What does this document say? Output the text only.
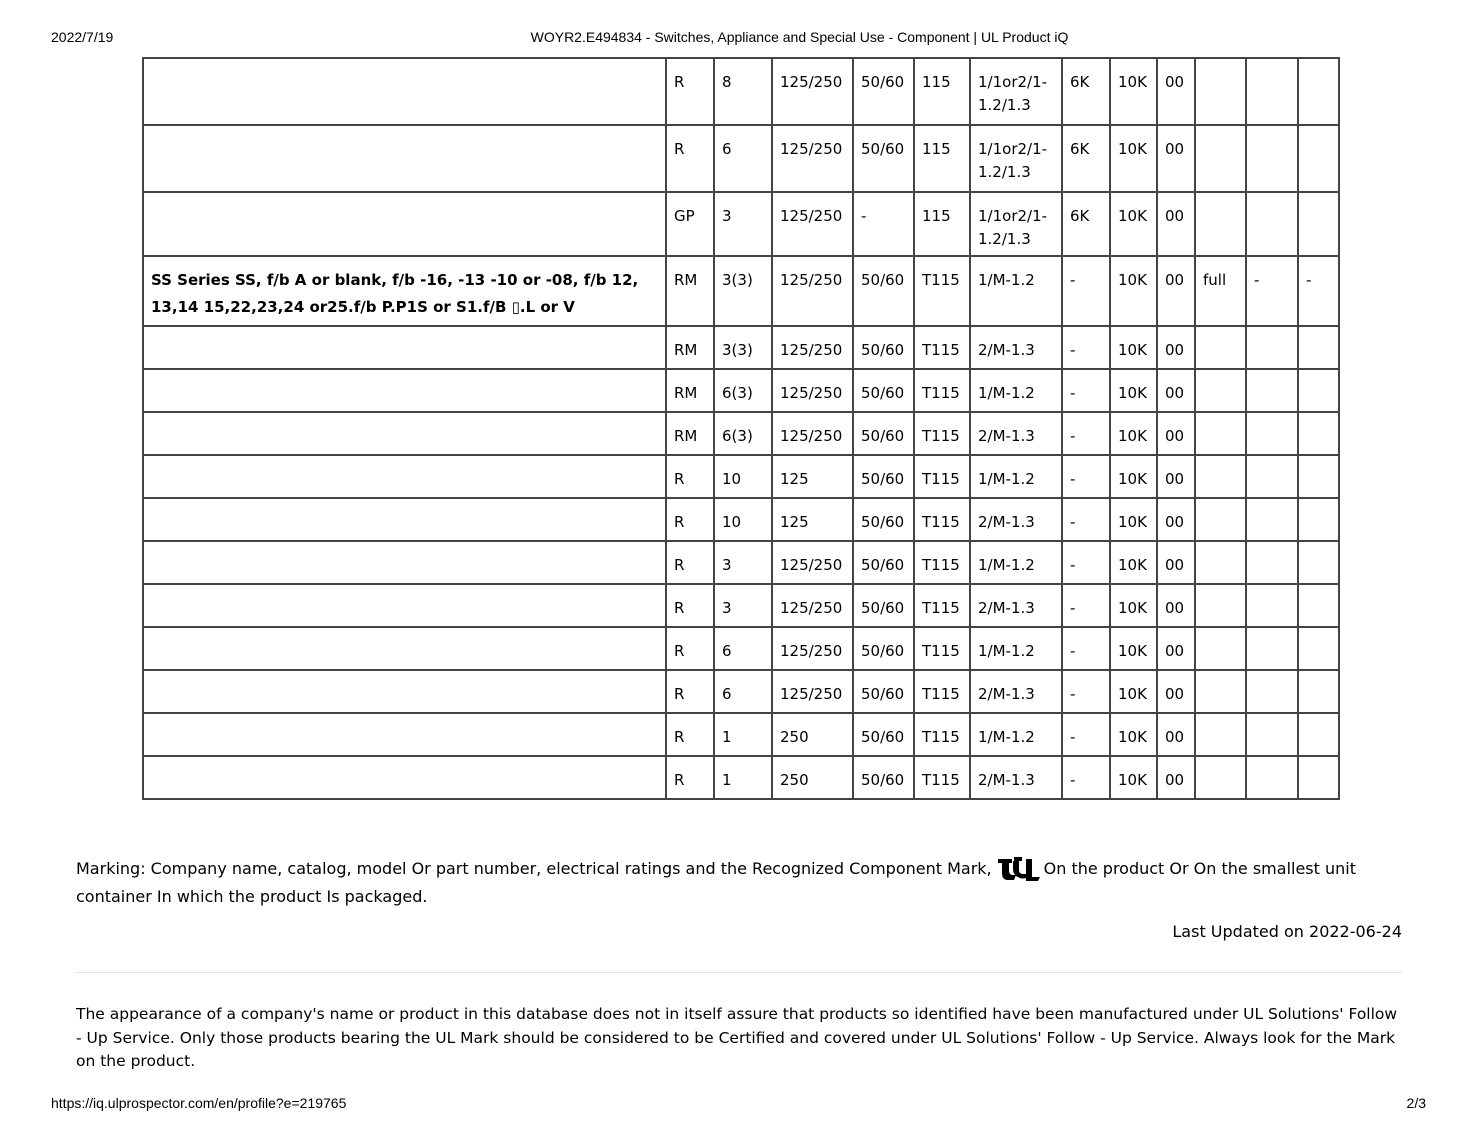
2022/7/19	WOYR2.E494834 - Switches, Appliance and Special Use - Component | UL Product iQ
	R	8	125/250	50/60	115	1/1or2/1-1.2/1.3	6K	10K	00			
	R	6	125/250	50/60	115	1/1or2/1-1.2/1.3	6K	10K	00			
	GP	3	125/250	-	115	1/1or2/1-1.2/1.3	6K	10K	00			
SS Series SS, f/b A or blank, f/b -16, -13 -10 or -08, f/b 12, 13,14 15,22,23,24 or25.f/b P.P1S or S1.f/B ▯.L or V	RM	3(3)	125/250	50/60	T115	1/M-1.2	-	10K	00	full	-	-
	RM	3(3)	125/250	50/60	T115	2/M-1.3	-	10K	00			
	RM	6(3)	125/250	50/60	T115	1/M-1.2	-	10K	00			
	RM	6(3)	125/250	50/60	T115	2/M-1.3	-	10K	00			
	R	10	125	50/60	T115	1/M-1.2	-	10K	00			
	R	10	125	50/60	T115	2/M-1.3	-	10K	00			
	R	3	125/250	50/60	T115	1/M-1.2	-	10K	00			
	R	3	125/250	50/60	T115	2/M-1.3	-	10K	00			
	R	6	125/250	50/60	T115	1/M-1.2	-	10K	00			
	R	6	125/250	50/60	T115	2/M-1.3	-	10K	00			
	R	1	250	50/60	T115	1/M-1.2	-	10K	00			
	R	1	250	50/60	T115	2/M-1.3	-	10K	00			
Marking: Company name, catalog, model Or part number, electrical ratings and the Recognized Component Mark,	On the product Or On the smallest unit container In which the product Is packaged.
Last Updated on 2022-06-24
The appearance of a company's name or product in this database does not in itself assure that products so identified have been manufactured under UL Solutions' Follow - Up Service. Only those products bearing the UL Mark should be considered to be Certified and covered under UL Solutions' Follow - Up Service. Always look for the Mark on the product.
https://iq.ulprospector.com/en/profile?e=219765	2/3
